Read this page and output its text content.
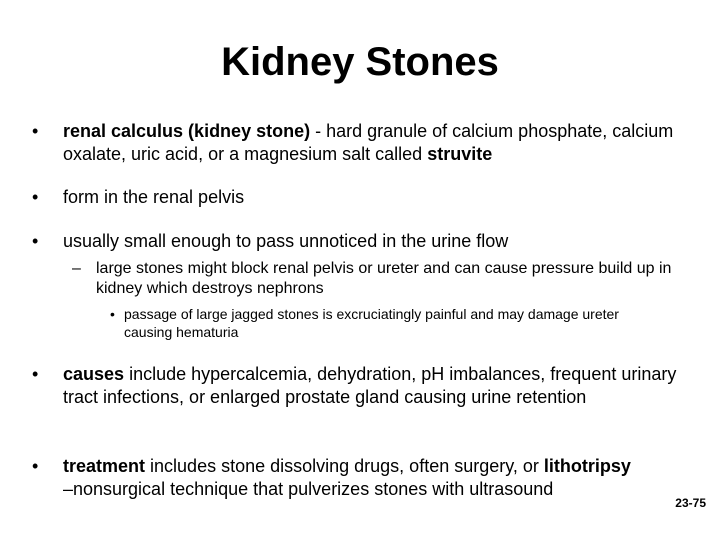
Kidney Stones
• renal calculus (kidney stone) - hard granule of calcium phosphate, calcium oxalate, uric acid, or a magnesium salt called struvite
• form in the renal pelvis
• usually small enough to pass unnoticed in the urine flow
– large stones might block renal pelvis or ureter and can cause pressure build up in kidney which destroys nephrons
• passage of large jagged stones is excruciatingly painful and may damage ureter causing hematuria
• causes include hypercalcemia, dehydration, pH imbalances, frequent urinary tract infections, or enlarged prostate gland causing urine retention
• treatment includes stone dissolving drugs, often surgery, or lithotripsy –nonsurgical technique that pulverizes stones with ultrasound
23-75
